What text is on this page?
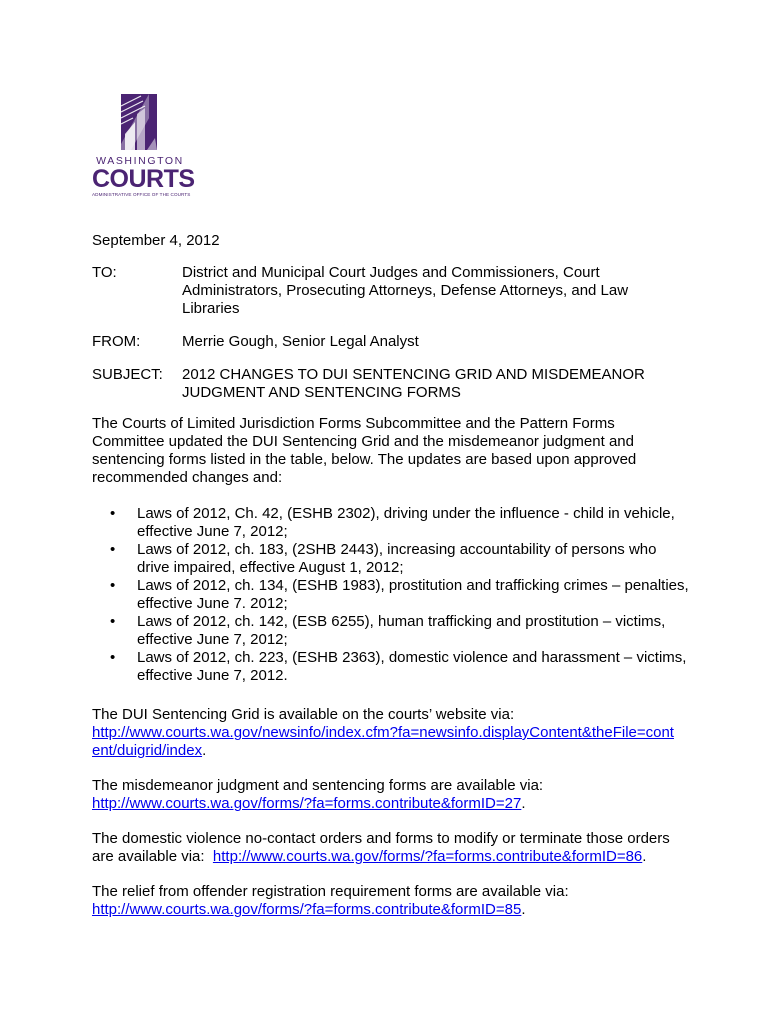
WASHINGTON
COURTS
ADMINISTRATIVE OFFICE OF THE COURTS
September 4, 2012
TO:	District and Municipal Court Judges and Commissioners, Court Administrators, Prosecuting Attorneys, Defense Attorneys, and Law Libraries
FROM:	Merrie Gough, Senior Legal Analyst
SUBJECT: 2012 CHANGES TO DUI SENTENCING GRID AND MISDEMEANOR JUDGMENT AND SENTENCING FORMS
The Courts of Limited Jurisdiction Forms Subcommittee and the Pattern Forms Committee updated the DUI Sentencing Grid and the misdemeanor judgment and sentencing forms listed in the table, below. The updates are based upon approved recommended changes and:
• Laws of 2012, Ch. 42, (ESHB 2302), driving under the influence - child in vehicle, effective June 7, 2012;
• Laws of 2012, ch. 183, (2SHB 2443), increasing accountability of persons who drive impaired, effective August 1, 2012;
• Laws of 2012, ch. 134, (ESHB 1983), prostitution and trafficking crimes – penalties, effective June 7. 2012;
• Laws of 2012, ch. 142, (ESB 6255), human trafficking and prostitution – victims, effective June 7, 2012;
• Laws of 2012, ch. 223, (ESHB 2363), domestic violence and harassment – victims, effective June 7, 2012.
The DUI Sentencing Grid is available on the courts’ website via:
http://www.courts.wa.gov/newsinfo/index.cfm?fa=newsinfo.displayContent&theFile=cont
ent/duigrid/index.
The misdemeanor judgment and sentencing forms are available via:
http://www.courts.wa.gov/forms/?fa=forms.contribute&formID=27.
The domestic violence no-contact orders and forms to modify or terminate those orders are available via: http://www.courts.wa.gov/forms/?fa=forms.contribute&formID=86.
The relief from offender registration requirement forms are available via:
http://www.courts.wa.gov/forms/?fa=forms.contribute&formID=85.
